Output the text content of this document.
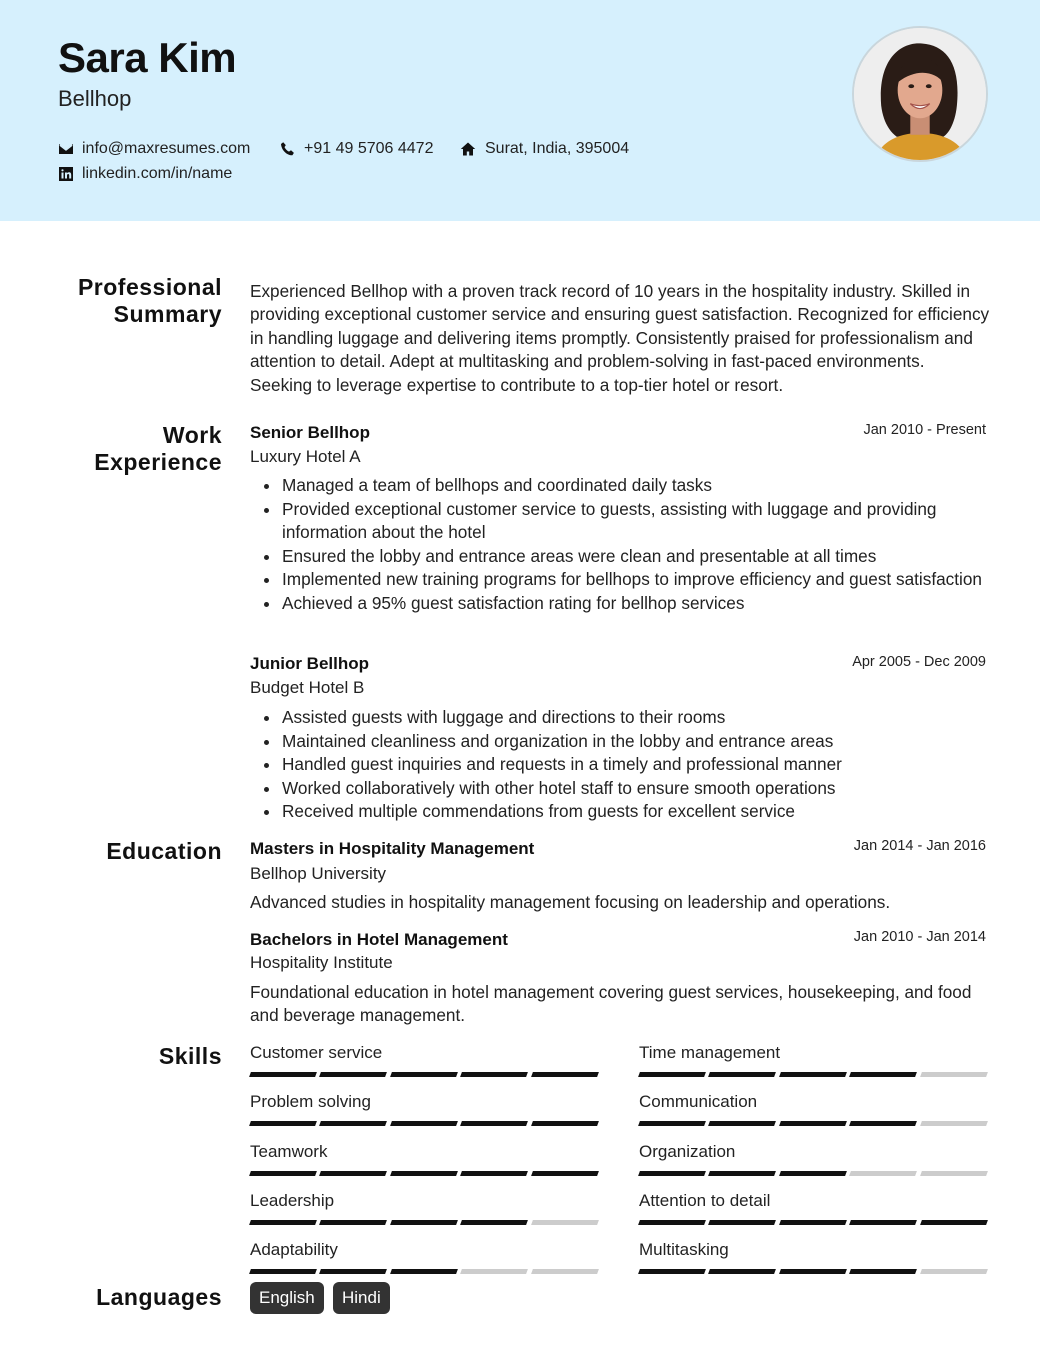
Sara Kim
Bellhop
info@maxresumes.com	+91 49 5706 4472	Surat, India, 395004
linkedin.com/in/name
Professional
Summary

Experienced Bellhop with a proven track record of 10 years in the hospitality industry. Skilled in providing exceptional customer service and ensuring guest satisfaction. Recognized for efficiency in handling luggage and delivering items promptly. Consistently praised for professionalism and attention to detail. Adept at multitasking and problem-solving in fast-paced environments. Seeking to leverage expertise to contribute to a top-tier hotel or resort.

Work
Experience
Senior Bellhop	Jan 2010 - Present
Luxury Hotel A
Managed a team of bellhops and coordinated daily tasks
Provided exceptional customer service to guests, assisting with luggage and providing information about the hotel
Ensured the lobby and entrance areas were clean and presentable at all times
Implemented new training programs for bellhops to improve efficiency and guest satisfaction
Achieved a 95% guest satisfaction rating for bellhop services
Junior Bellhop	Apr 2005 - Dec 2009
Budget Hotel B
Assisted guests with luggage and directions to their rooms
Maintained cleanliness and organization in the lobby and entrance areas
Handled guest inquiries and requests in a timely and professional manner
Worked collaboratively with other hotel staff to ensure smooth operations
Received multiple commendations from guests for excellent service
Education Masters in Hospitality Management	Jan 2014 - Jan 2016
Bellhop University

Advanced studies in hospitality management focusing on leadership and operations.

Bachelors in Hotel Management	Jan 2010 - Jan 2014
Hospitality Institute

Foundational education in hotel management covering guest services, housekeeping, and food and beverage management.

Skills Customer service	Time management
Problem solving	Communication
Teamwork	Organization
Leadership	Attention to detail
Adaptability	Multitasking
Languages	English	Hindi
